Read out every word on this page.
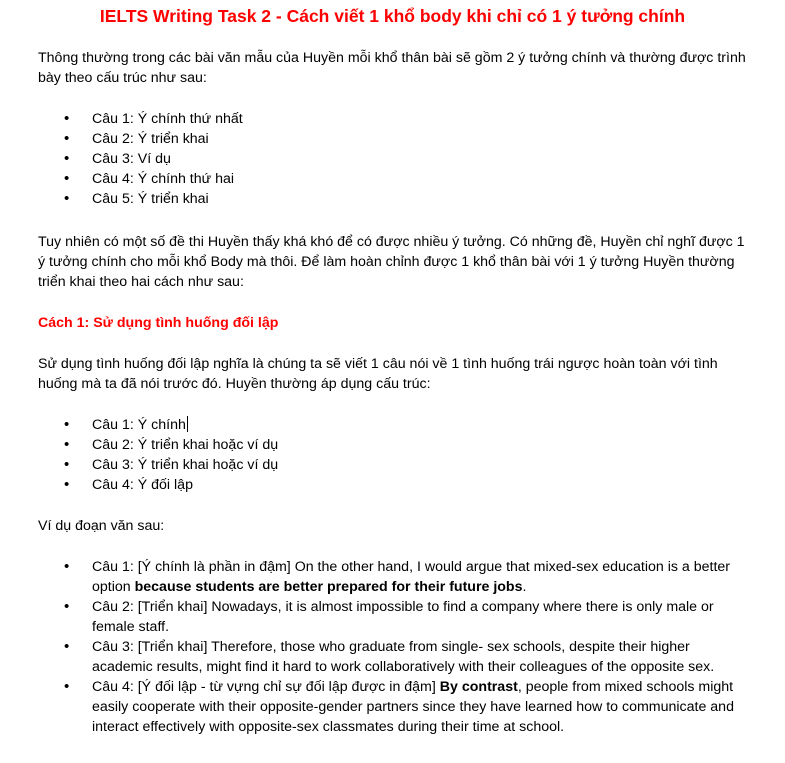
IELTS Writing Task 2 - Cách viết 1 khổ body khi chỉ có 1 ý tưởng chính

Thông thường trong các bài văn mẫu của Huyền mỗi khổ thân bài sẽ gồm 2 ý tưởng chính và thường được trình bày theo cấu trúc như sau:

• Câu 1: Ý chính thứ nhất
• Câu 2: Ý triển khai
• Câu 3: Ví dụ
• Câu 4: Ý chính thứ hai
• Câu 5: Ý triển khai

Tuy nhiên có một số đề thi Huyền thấy khá khó để có được nhiều ý tưởng. Có những đề, Huyền chỉ nghĩ được 1 ý tưởng chính cho mỗi khổ Body mà thôi. Để làm hoàn chỉnh được 1 khổ thân bài với 1 ý tưởng Huyền thường triển khai theo hai cách như sau:

Cách 1: Sử dụng tình huống đối lập

Sử dụng tình huống đối lập nghĩa là chúng ta sẽ viết 1 câu nói về 1 tình huống trái ngược hoàn toàn với tình huống mà ta đã nói trước đó. Huyền thường áp dụng cấu trúc:

• Câu 1: Ý chính
• Câu 2: Ý triển khai hoặc ví dụ
• Câu 3: Ý triển khai hoặc ví dụ
• Câu 4: Ý đối lập

Ví dụ đoạn văn sau:

• Câu 1: [Ý chính là phần in đậm] On the other hand, I would argue that mixed-sex education is a better option because students are better prepared for their future jobs.
• Câu 2: [Triển khai] Nowadays, it is almost impossible to find a company where there is only male or female staff.
• Câu 3: [Triển khai] Therefore, those who graduate from single- sex schools, despite their higher academic results, might find it hard to work collaboratively with their colleagues of the opposite sex.
• Câu 4: [Ý đối lập - từ vựng chỉ sự đối lập được in đậm] By contrast, people from mixed schools might easily cooperate with their opposite-gender partners since they have learned how to communicate and interact effectively with opposite-sex classmates during their time at school.
